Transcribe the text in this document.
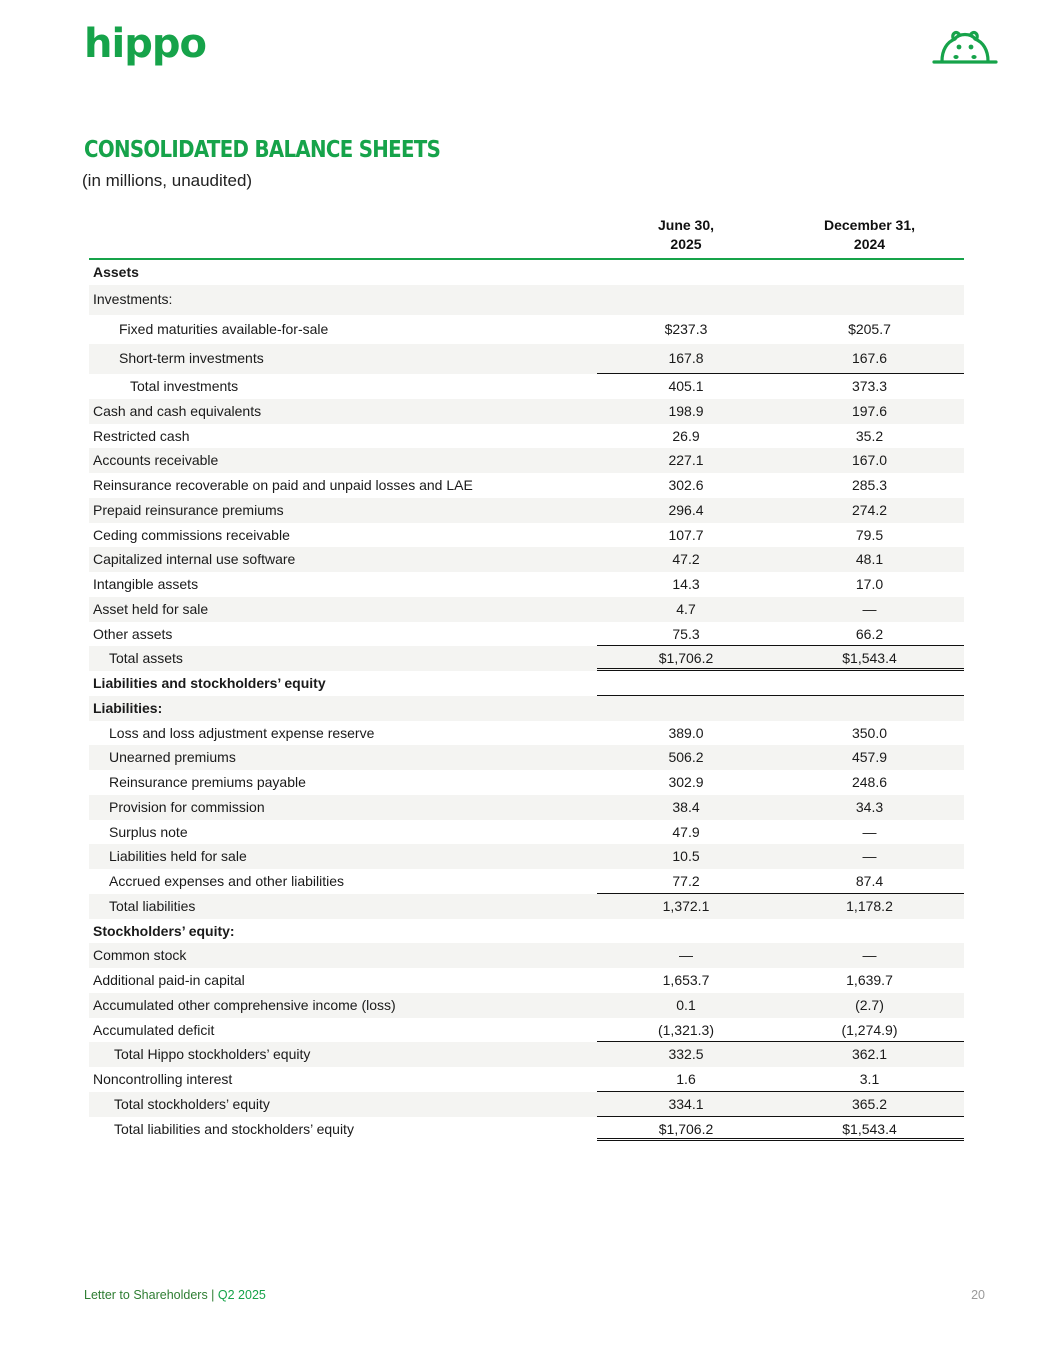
hippo
CONSOLIDATED BALANCE SHEETS
(in millions, unaudited)
June 30,
2025
December 31,
2024
Assets
Investments:
Fixed maturities available-for-sale	$237.3	$205.7
Short-term investments	167.8	167.6
Total investments	405.1	373.3
Cash and cash equivalents	198.9	197.6
Restricted cash	26.9	35.2
Accounts receivable	227.1	167.0
Reinsurance recoverable on paid and unpaid losses and LAE	302.6	285.3
Prepaid reinsurance premiums	296.4	274.2
Ceding commissions receivable	107.7	79.5
Capitalized internal use software	47.2	48.1
Intangible assets	14.3	17.0
Asset held for sale	4.7	—
Other assets	75.3	66.2
Total assets	$1,706.2	$1,543.4
Liabilities and stockholders’ equity
Liabilities:
Loss and loss adjustment expense reserve	389.0	350.0
Unearned premiums	506.2	457.9
Reinsurance premiums payable	302.9	248.6
Provision for commission	38.4	34.3
Surplus note	47.9	—
Liabilities held for sale	10.5	—
Accrued expenses and other liabilities	77.2	87.4
Total liabilities	1,372.1	1,178.2
Stockholders’ equity:
Common stock	—	—
Additional paid-in capital	1,653.7	1,639.7
Accumulated other comprehensive income (loss)	0.1	(2.7)
Accumulated deficit	(1,321.3)	(1,274.9)
Total Hippo stockholders’ equity	332.5	362.1
Noncontrolling interest	1.6	3.1
Total stockholders’ equity	334.1	365.2
Total liabilities and stockholders’ equity	$1,706.2	$1,543.4
Letter to Shareholders | Q2 2025	20
